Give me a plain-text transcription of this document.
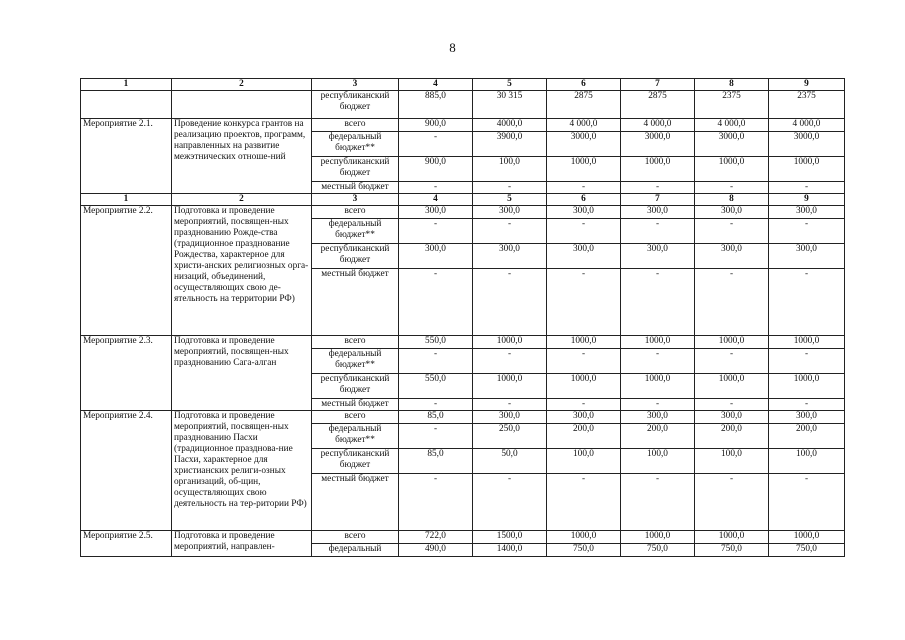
8
1	2	3	4	5	6	7	8	9
		республиканский бюджет	885,0	30 315	2875	2875	2375	2375
Мероприятие 2.1.	Проведение конкурса грантов на реализацию проектов, программ, направленных на развитие межэтнических отноше-ний	всего	900,0	4000,0	4 000,0	4 000,0	4 000,0	4 000,0
		федеральный бюджет**	-	3900,0	3000,0	3000,0	3000,0	3000,0
		республиканский бюджет	900,0	100,0	1000,0	1000,0	1000,0	1000,0
		местный бюджет	-	-	-	-	-	-
1	2	3	4	5	6	7	8	9
Мероприятие 2.2.	Подготовка и проведение мероприятий, посвящен-ных празднованию Рожде-ства (традиционное празднование Рождества, характерное для христи-анских религиозных орга-низаций, объединений, осуществляющих свою де-ятельность на территории РФ)	всего	300,0	300,0	300,0	300,0	300,0	300,0
		федеральный бюджет**	-	-	-	-	-	-
		республиканский бюджет	300,0	300,0	300,0	300,0	300,0	300,0
		местный бюджет	-	-	-	-	-	-
Мероприятие 2.3.	Подготовка и проведение мероприятий, посвящен-ных празднованию Сага-алган	всего	550,0	1000,0	1000,0	1000,0	1000,0	1000,0
		федеральный бюджет**	-	-	-	-	-	-
		республиканский бюджет	550,0	1000,0	1000,0	1000,0	1000,0	1000,0
		местный бюджет	-	-	-	-	-	-
Мероприятие 2.4.	Подготовка и проведение мероприятий, посвящен-ных празднованию Пасхи (традиционное празднова-ние Пасхи, характерное для христианских религи-озных организаций, об-щин, осуществляющих свою деятельность на тер-ритории РФ)	всего	85,0	300,0	300,0	300,0	300,0	300,0
		федеральный бюджет**	-	250,0	200,0	200,0	200,0	200,0
		республиканский бюджет	85,0	50,0	100,0	100,0	100,0	100,0
		местный бюджет	-	-	-	-	-	-
Мероприятие 2.5.	Подготовка и проведение мероприятий, направлен-	всего	722,0	1500,0	1000,0	1000,0	1000,0	1000,0
		федеральный	490,0	1400,0	750,0	750,0	750,0	750,0
